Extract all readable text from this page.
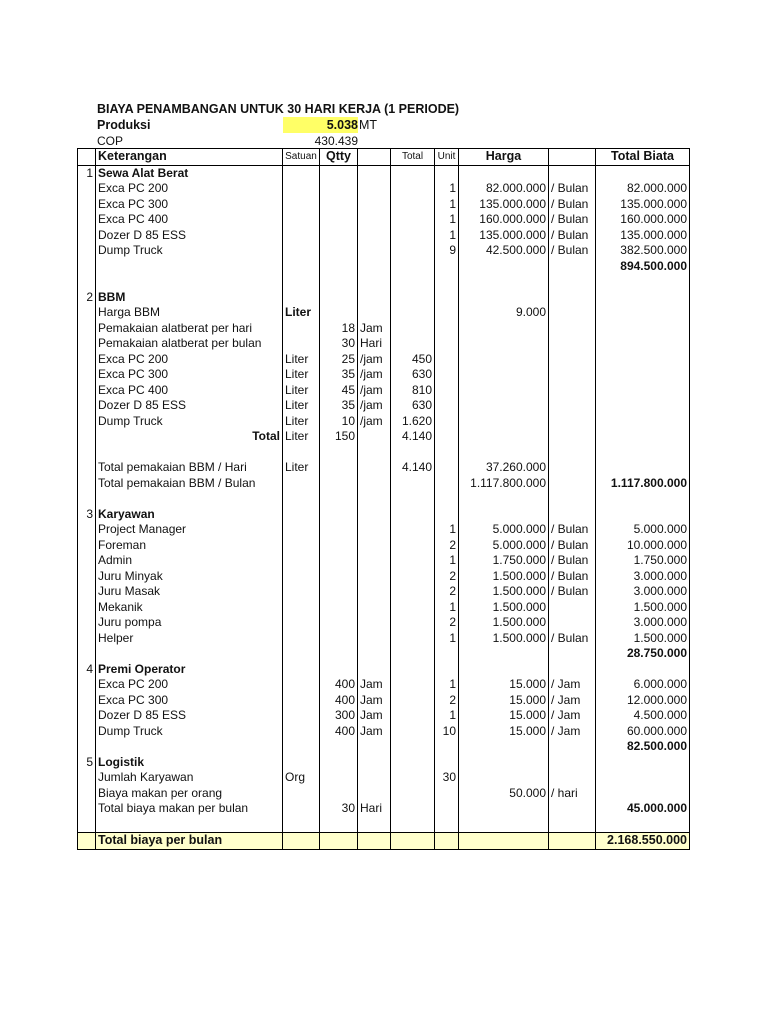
BIAYA PENAMBANGAN UNTUK 30 HARI KERJA (1 PERIODE)
Produksi	5.038 MT
COP	430.439
	Keterangan	Satuan	Qtty		Total	Unit	Harga		Total Biata
1	Sewa Alat Berat								
	Exca PC 200					1	82.000.000	/ Bulan	82.000.000
	Exca PC 300					1	135.000.000	/ Bulan	135.000.000
	Exca PC 400					1	160.000.000	/ Bulan	160.000.000
	Dozer D 85 ESS					1	135.000.000	/ Bulan	135.000.000
	Dump Truck					9	42.500.000	/ Bulan	382.500.000
									894.500.000

2	BBM								
	Harga BBM	Liter					9.000		
	Pemakaian alatberat per hari		18	Jam					
	Pemakaian alatberat per bulan		30	Hari					
	Exca PC 200	Liter	25	/jam	450				
	Exca PC 300	Liter	35	/jam	630				
	Exca PC 400	Liter	45	/jam	810				
	Dozer D 85 ESS	Liter	35	/jam	630				
	Dump Truck	Liter	10	/jam	1.620				
	Total	Liter	150		4.140				

	Total pemakaian BBM / Hari	Liter			4.140		37.260.000		
	Total pemakaian BBM / Bulan						1.117.800.000		1.117.800.000

3	Karyawan								
	Project Manager					1	5.000.000	/ Bulan	5.000.000
	Foreman					2	5.000.000	/ Bulan	10.000.000
	Admin					1	1.750.000	/ Bulan	1.750.000
	Juru Minyak					2	1.500.000	/ Bulan	3.000.000
	Juru Masak					2	1.500.000	/ Bulan	3.000.000
	Mekanik					1	1.500.000		1.500.000
	Juru pompa					2	1.500.000		3.000.000
	Helper					1	1.500.000	/ Bulan	1.500.000
									28.750.000
4	Premi Operator								
	Exca PC 200		400	Jam		1	15.000	/ Jam	6.000.000
	Exca PC 300		400	Jam		2	15.000	/ Jam	12.000.000
	Dozer D 85 ESS		300	Jam		1	15.000	/ Jam	4.500.000
	Dump Truck		400	Jam		10	15.000	/ Jam	60.000.000
									82.500.000
5	Logistik								
	Jumlah Karyawan	Org				30			
	Biaya makan per orang						50.000	/ hari	
	Total biaya makan per bulan		30	Hari					45.000.000

	Total biaya per bulan								2.168.550.000
